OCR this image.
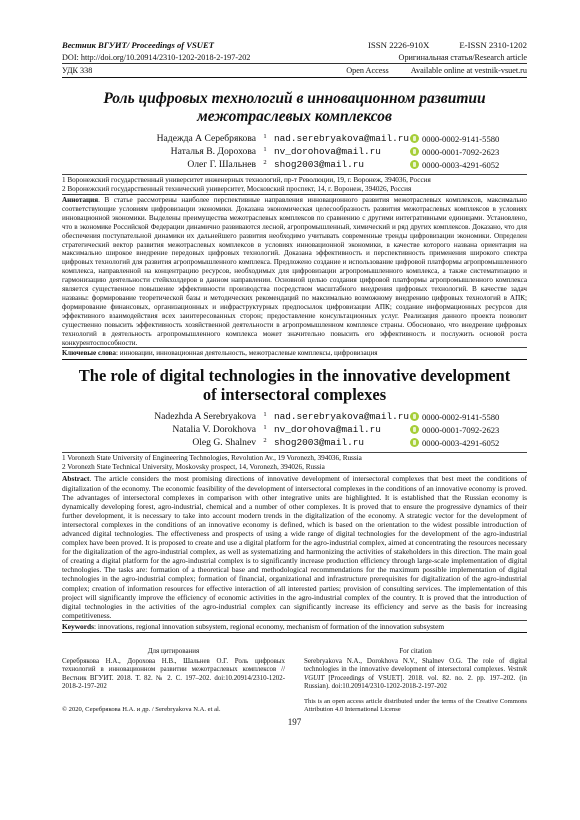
Вестник ВГУИТ/ Proceedings of VSUET	ISSN 2226-910X	E-ISSN 2310-1202
DOI: http://doi.org/10.20914/2310-1202-2018-2-197-202	Оригинальная статья/Research article
УДК 338	Open Access	Available online at vestnik-vsuet.ru
Роль цифровых технологий в инновационном развитии межотраслевых комплексов
Надежда А Серебрякова	1 nad.serebryakova@mail.ru 0000-0002-9141-5580
Наталья В. Дорохова	1 nv_dorohova@mail.ru	0000-0001-7092-2623
Олег Г. Шальнев	2 shog2003@mail.ru	0000-0003-4291-6052

1 Воронежский государственный университет инженерных технологий, пр-т Революции, 19, г. Воронеж, 394036, Россия

2 Воронежский государственный технический университет, Московский проспект, 14, г. Воронеж, 394026, Россия

Аннотация. В статье рассмотрены наиболее перспективные направления инновационного развития межотраслевых комплексов, максимально соответствующие условиям цифровизации экономики. Доказана экономическая целесообразность развития межотраслевых комплексов в условиях инновационной экономики. Выделены преимущества межотраслевых комплексов по сравнению с другими интегративными единицами. Установлено, что в экономике Российской Федерации динамично развиваются лесной, агропромышленный, химический и ряд других комплексов. Доказано, что для обеспечения поступательной динамики их дальнейшего развития необходимо учитывать современные тренды цифровизации экономики. Определен стратегический вектор развития межотраслевых комплексов в условиях инновационной экономики, в качестве которого названа ориентация на максимально широкое внедрение передовых цифровых технологий. Доказана эффективность и перспективность применения широкого спектра цифровых технологий для развития агропромышленного комплекса. Предложено создание и использование цифровой платформы агропромышленного комплекса, направленной на концентрацию ресурсов, необходимых для цифровизации агропромышленного комплекса, а также систематизацию и гармонизацию деятельности стейкхолдеров в данном направлении. Основной целью создания цифровой платформы агропромышленного комплекса является существенное повышение эффективности производства посредством масштабного внедрения цифровых технологий. В качестве задач названы: формирование теоретической базы и методических рекомендаций по максимально возможному внедрению цифровых технологий в АПК; формирование финансовых, организационных и инфраструктурных предпосылок цифровизации АПК; создание информационных ресурсов для эффективного взаимодействия всех заинтересованных сторон; предоставление консультационных услуг. Реализация данного проекта позволит существенно повысить эффективность хозяйственной деятельности в агропромышленном комплексе страны. Обосновано, что внедрение цифровых технологий в деятельность агропромышленного комплекса может значительно повысить его эффективность и послужить основой роста конкурентоспособности.
Ключевые слова: инновации, инновационная деятельность, межотраслевые комплексы, цифровизация
The role of digital technologies in the innovative development of intersectoral complexes
Nadezhda A Serebryakova	1 nad.serebryakova@mail.ru 0000-0002-9141-5580
Natalia V. Dorokhova	1 nv_dorohova@mail.ru	0000-0001-7092-2623
Oleg G. Shalnev	2 shog2003@mail.ru	0000-0003-4291-6052

1 Voronezh State University of Engineering Technologies, Revolution Av., 19 Voronezh, 394036, Russia

2 Voronezh State Technical University, Moskovsky prospect, 14, Voronezh, 394026, Russia

Abstract. The article considers the most promising directions of innovative development of intersectoral complexes that best meet the conditions of digitalization of the economy. The economic feasibility of the development of intersectoral complexes in the conditions of an innovative economy is proved. The advantages of intersectoral complexes in comparison with other integrative units are highlighted. It is established that the Russian economy is dynamically developing forest, agro-industrial, chemical and a number of other complexes. It is proved that to ensure the progressive dynamics of their further development, it is necessary to take into account modern trends in the digitalization of the economy. A strategic vector for the development of intersectoral complexes in the conditions of an innovative economy is defined, which is based on the orientation to the widest possible introduction of advanced digital technologies. The effectiveness and prospects of using a wide range of digital technologies for the development of the agro-industrial complex have been proved. It is proposed to create and use a digital platform for the agro-industrial complex, aimed at concentrating the resources necessary for the digitalization of the agro-industrial complex, as well as systematizing and harmonizing the activities of stakeholders in this direction. The main goal of creating a digital platform for the agro-industrial complex is to significantly increase production efficiency through large-scale implementation of digital technologies. The tasks are: formation of a theoretical base and methodological recommendations for the maximum possible implementation of digital technologies in the agro-industrial complex; formation of financial, organizational and infrastructure prerequisites for digitalization of the agro-industrial complex; creation of information resources for effective interaction of all interested parties; provision of consulting services. The implementation of this project will significantly improve the efficiency of economic activities in the agro-industrial complex of the country. It is proved that the introduction of digital technologies in the activities of the agro-industrial complex can significantly increase its efficiency and serve as the basis for increasing competitiveness.
Keywords: innovations, regional innovation subsystem, regional economy, mechanism of formation of the innovation subsystem
Для цитирования

Серебрякова Н.А., Дорохова Н.В., Шальнев О.Г. Роль цифровых технологий в инновационном развитии межотраслевых комплексов // Вестник ВГУИТ. 2018. Т. 82. № 2. С. 197–202. doi:10.20914/2310-1202-2018-2-197-202

For citation

Serebryakova N.A., Dorokhova N.V., Shalnev O.G. The role of digital technologies in the innovative development of intersectoral complexes. Vestnik VGUIT [Proceedings of VSUET]. 2018. vol. 82. no. 2. pp. 197–202. (in Russian). doi:10.20914/2310-1202-2018-2-197-202

© 2020, Серебрякова Н.А. и др. / Serebryakova N.A. et al.
This is an open access article distributed under the terms of the Creative Commons Attribution 4.0 International License
197
